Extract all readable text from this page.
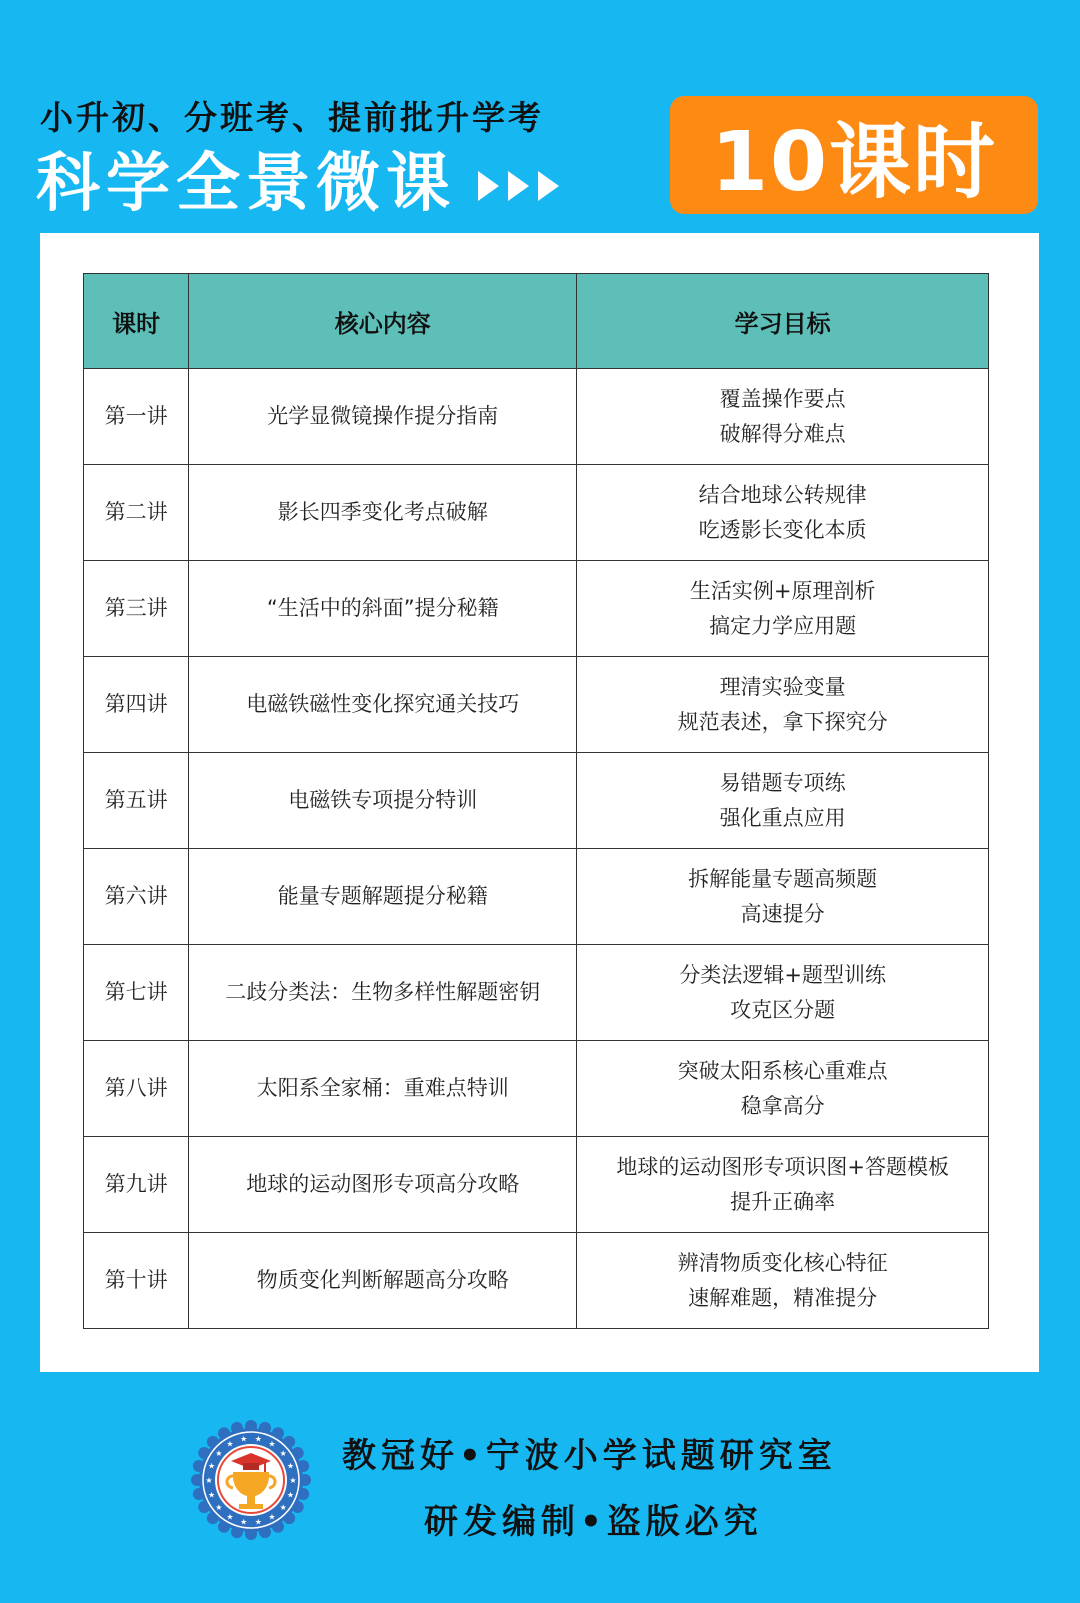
小升初、分班考、提前批升学考
科学全景微课	10课时
课时	核心内容	学习目标
第一讲	光学显微镜操作提分指南	覆盖操作要点
破解得分难点

第二讲	影长四季变化考点破解	结合地球公转规律
吃透影长变化本质

第三讲	“生活中的斜面”提分秘籍	生活实例+原理剖析
搞定力学应用题

第四讲	电磁铁磁性变化探究通关技巧	理清实验变量
规范表述，拿下探究分

第五讲	电磁铁专项提分特训	易错题专项练
强化重点应用

第六讲	能量专题解题提分秘籍	拆解能量专题高频题
高速提分

第七讲	二歧分类法：生物多样性解题密钥	分类法逻辑+题型训练
攻克区分题

第八讲	太阳系全家桶：重难点特训	突破太阳系核心重难点
稳拿高分

第九讲	地球的运动图形专项高分攻略	地球的运动图形专项识图+答题模板
提升正确率

第十讲	物质变化判断解题高分攻略	辨清物质变化核心特征
速解难题，精准提分
★
★
★
★
★
★
★
★
★
★
★
★
★
★ ★
★
★
★ 教冠好•宁波小学试题研究室
研发编制•盗版必究
